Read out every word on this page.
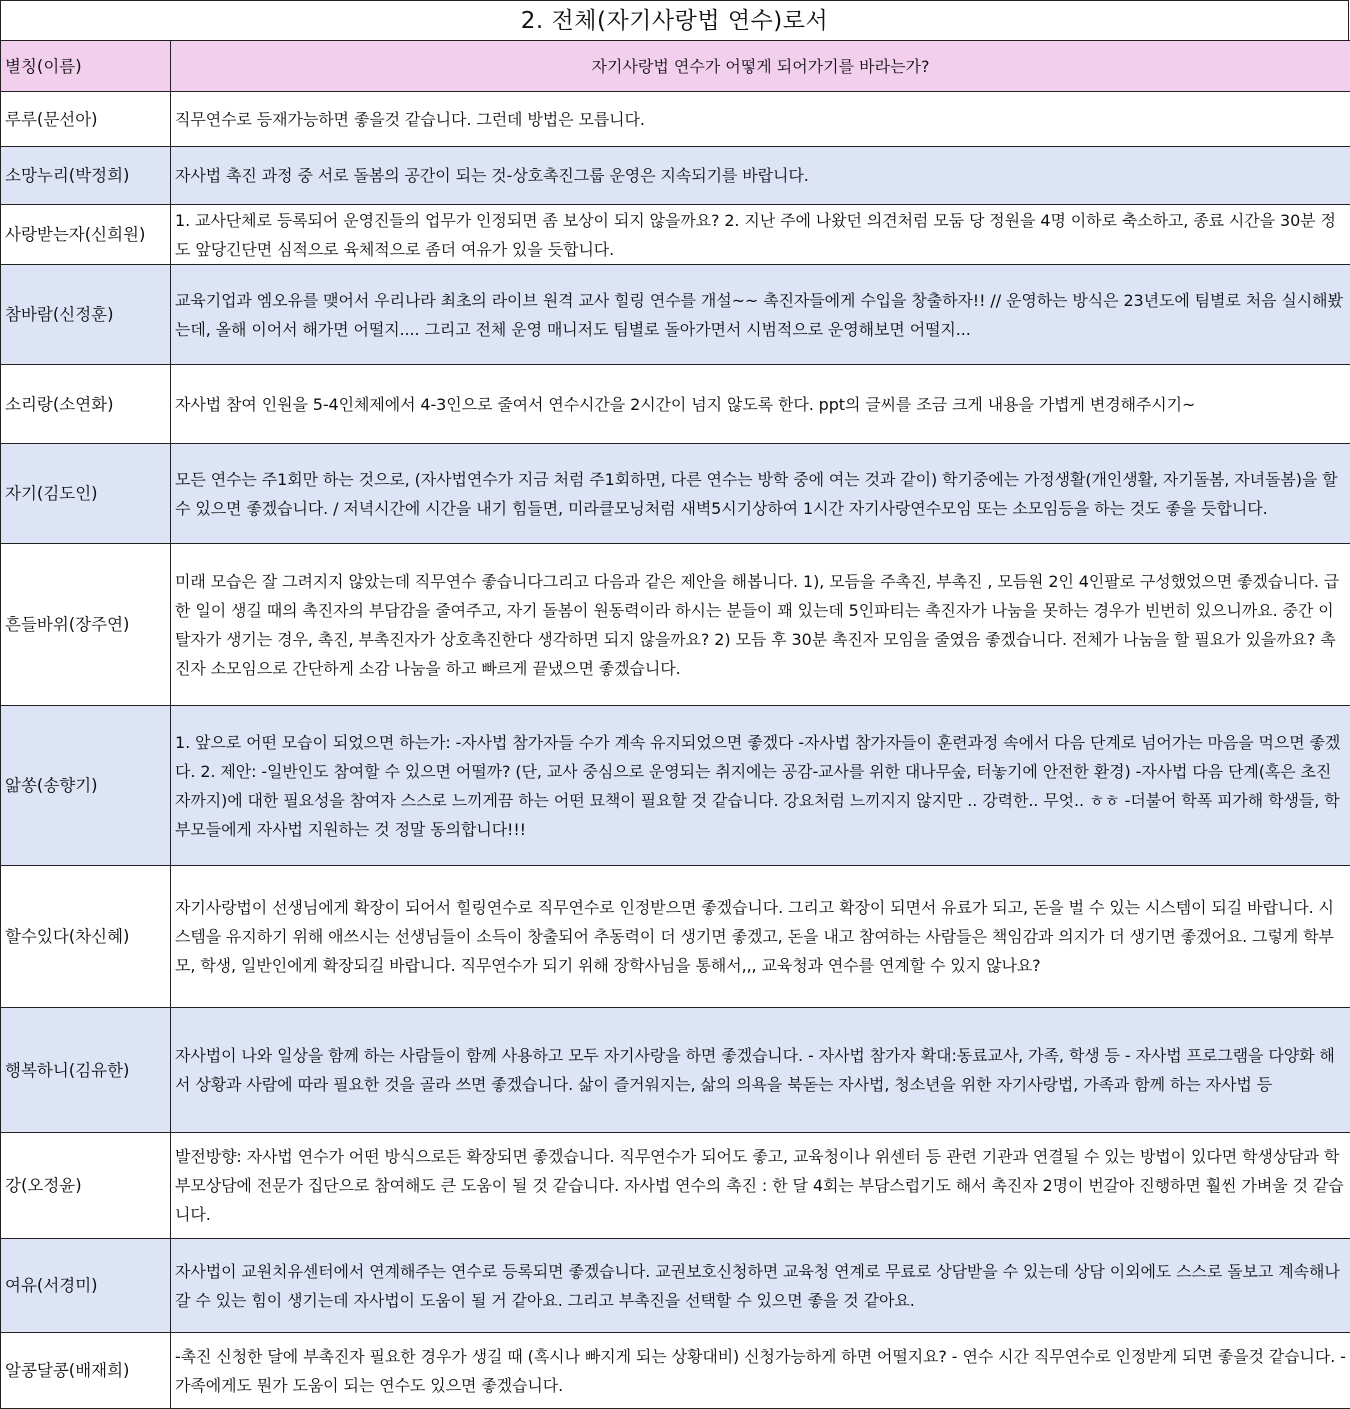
2. 전체(자기사랑법 연수)로서
별칭(이름)	자기사랑법 연수가 어떻게 되어가기를 바라는가?
루루(문선아)	직무연수로 등재가능하면 좋을것 같습니다. 그런데 방법은 모릅니다.
소망누리(박정희)	자사법 촉진 과정 중 서로 돌봄의 공간이 되는 것-상호촉진그룹 운영은 지속되기를 바랍니다.
사랑받는자(신희원)	1. 교사단체로 등록되어 운영진들의 업무가 인정되면 좀 보상이 되지 않을까요? 2. 지난 주에 나왔던 의견처럼 모둠 당 정원을 4명 이하로 축소하고, 종료 시간을 30분 정도 앞당긴단면 심적으로 육체적으로 좀더 여유가 있을 듯합니다.
참바람(신정훈)	교육기업과 엠오유를 맺어서 우리나라 최초의 라이브 원격 교사 힐링 연수를 개설~~ 촉진자들에게 수입을 창출하자!! // 운영하는 방식은 23년도에 팀별로 처음 실시해봤는데, 올해 이어서 해가면 어떨지.... 그리고 전체 운영 매니저도 팀별로 돌아가면서 시범적으로 운영해보면 어떨지...
소리랑(소연화)	자사법 참여 인원을 5-4인체제에서 4-3인으로 줄여서 연수시간을 2시간이 넘지 않도록 한다. ppt의 글씨를 조금 크게 내용을 가볍게 변경해주시기~
자기(김도인)	모든 연수는 주1회만 하는 것으로, (자사법연수가 지금 처럼 주1회하면, 다른 연수는 방학 중에 여는 것과 같이) 학기중에는 가정생활(개인생활, 자기돌봄, 자녀돌봄)을 할 수 있으면 좋겠습니다. / 저녁시간에 시간을 내기 힘들면, 미라클모닝처럼 새벽5시기상하여 1시간 자기사랑연수모임 또는 소모임등을 하는 것도 좋을 듯합니다.
흔들바위(장주연)	미래 모습은 잘 그려지지 않았는데 직무연수 좋습니다그리고 다음과 같은 제안을 해봅니다. 1), 모듬을 주촉진, 부촉진 , 모듬원 2인 4인팔로 구성했었으면 좋겠습니다. 급한 일이 생길 때의 촉진자의 부담감을 줄여주고, 자기 돌봄이 원동력이라 하시는 분들이 꽤 있는데 5인파티는 촉진자가 나눔을 못하는 경우가 빈번히 있으니까요. 중간 이탈자가 생기는 경우, 촉진, 부촉진자가 상호촉진한다 생각하면 되지 않을까요? 2) 모듬 후 30분 촉진자 모임을 줄였음 좋겠습니다. 전체가 나눔을 할 필요가 있을까요? 촉진자 소모임으로 간단하게 소감 나눔을 하고 빠르게 끝냈으면 좋겠습니다.
앎쏭(송향기)	1. 앞으로 어떤 모습이 되었으면 하는가: -자사법 참가자들 수가 계속 유지되었으면 좋겠다 -자사법 참가자들이 훈련과정 속에서 다음 단계로 넘어가는 마음을 먹으면 좋겠다. 2. 제안: -일반인도 참여할 수 있으면 어떨까? (단, 교사 중심으로 운영되는 취지에는 공감-교사를 위한 대나무숲, 터놓기에 안전한 환경) -자사법 다음 단계(혹은 초진자까지)에 대한 필요성을 참여자 스스로 느끼게끔 하는 어떤 묘책이 필요할 것 같습니다. 강요처럼 느끼지지 않지만 .. 강력한.. 무엇.. ㅎㅎ -더불어 학폭 피가해 학생들, 학부모들에게 자사법 지원하는 것 정말 동의합니다!!!
할수있다(차신혜)	자기사랑법이 선생님에게 확장이 되어서 힐링연수로 직무연수로 인정받으면 좋겠습니다. 그리고 확장이 되면서 유료가 되고, 돈을 벌 수 있는 시스템이 되길 바랍니다. 시스템을 유지하기 위해 애쓰시는 선생님들이 소득이 창출되어 추동력이 더 생기면 좋겠고, 돈을 내고 참여하는 사람들은 책임감과 의지가 더 생기면 좋겠어요. 그렇게 학부모, 학생, 일반인에게 확장되길 바랍니다. 직무연수가 되기 위해 장학사님을 통해서,,, 교육청과 연수를 연계할 수 있지 않나요?
행복하니(김유한)	자사법이 나와 일상을 함께 하는 사람들이 함께 사용하고 모두 자기사랑을 하면 좋겠습니다. - 자사법 참가자 확대:동료교사, 가족, 학생 등 - 자사법 프로그램을 다양화 해서 상황과 사람에 따라 필요한 것을 골라 쓰면 좋겠습니다. 삶이 즐거워지는, 삶의 의욕을 북돋는 자사법, 청소년을 위한 자기사랑법, 가족과 함께 하는 자사법 등
강(오정윤)	발전방향: 자사법 연수가 어떤 방식으로든 확장되면 좋겠습니다. 직무연수가 되어도 좋고, 교육청이나 위센터 등 관련 기관과 연결될 수 있는 방법이 있다면 학생상담과 학부모상담에 전문가 집단으로 참여해도 큰 도움이 될 것 같습니다. 자사법 연수의 촉진 : 한 달 4회는 부담스럽기도 해서 촉진자 2명이 번갈아 진행하면 훨씬 가벼울 것 같습니다.
여유(서경미)	자사법이 교원치유센터에서 연계해주는 연수로 등록되면 좋겠습니다. 교권보호신청하면 교육청 연계로 무료로 상담받을 수 있는데 상담 이외에도 스스로 돌보고 계속해나갈 수 있는 힘이 생기는데 자사법이 도움이 될 거 같아요. 그리고 부촉진을 선택할 수 있으면 좋을 것 같아요.
알콩달콩(배재희)	-촉진 신청한 달에 부촉진자 필요한 경우가 생길 때 (혹시나 빠지게 되는 상황대비) 신청가능하게 하면 어떨지요? - 연수 시간 직무연수로 인정받게 되면 좋을것 같습니다. -가족에게도 뭔가 도움이 되는 연수도 있으면 좋겠습니다.
